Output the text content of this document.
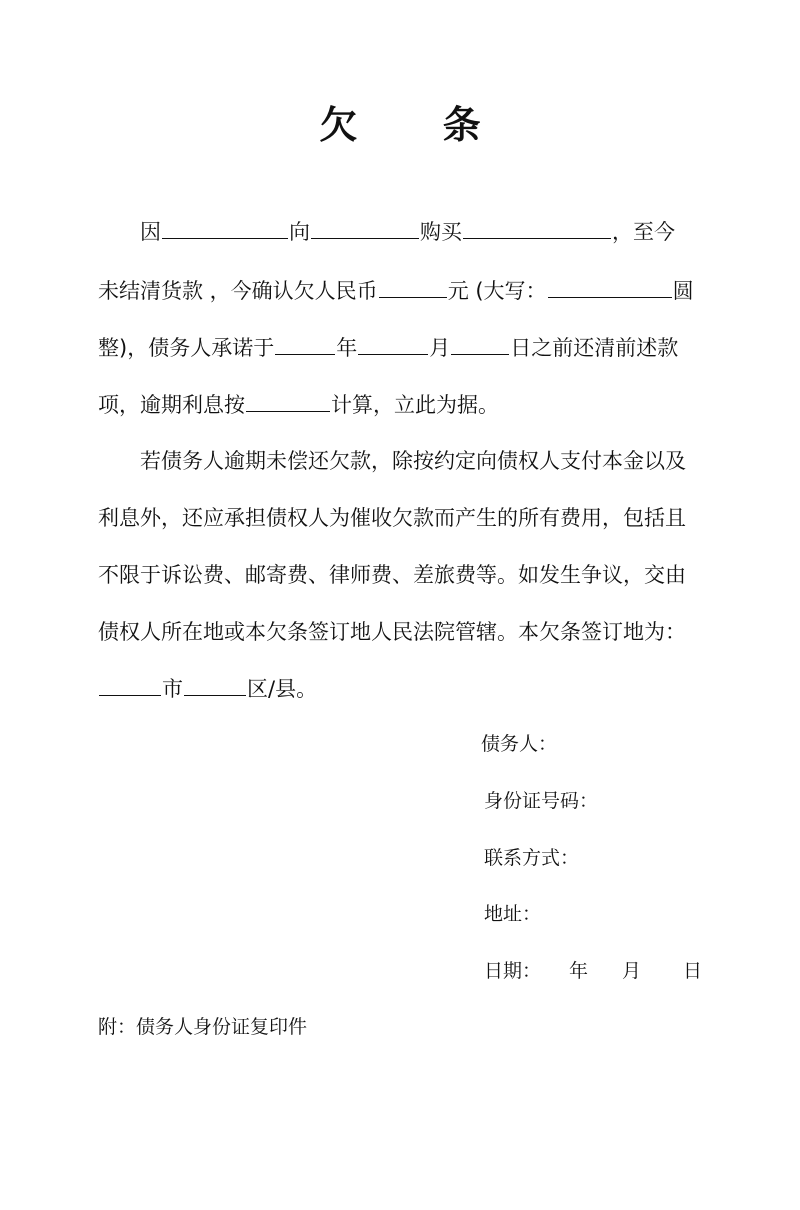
欠 条
因	向	购买	，至今
未结清货款 ，今确认欠人民币	元 (大写：	圆
整)，债务人承诺于	年	月	日之前还清前述款
项，逾期利息按	计算，立此为据。
若债务人逾期未偿还欠款，除按约定向债权人支付本金以及
利息外，还应承担债权人为催收欠款而产生的所有费用，包括且
不限于诉讼费、邮寄费、律师费、差旅费等。如发生争议，交由
债权人所在地或本欠条签订地人民法院管辖。本欠条签订地为：
市	区/县。
债务人：
身份证号码：
联系方式：
地址：
日期： 年 月 日
附：债务人身份证复印件
